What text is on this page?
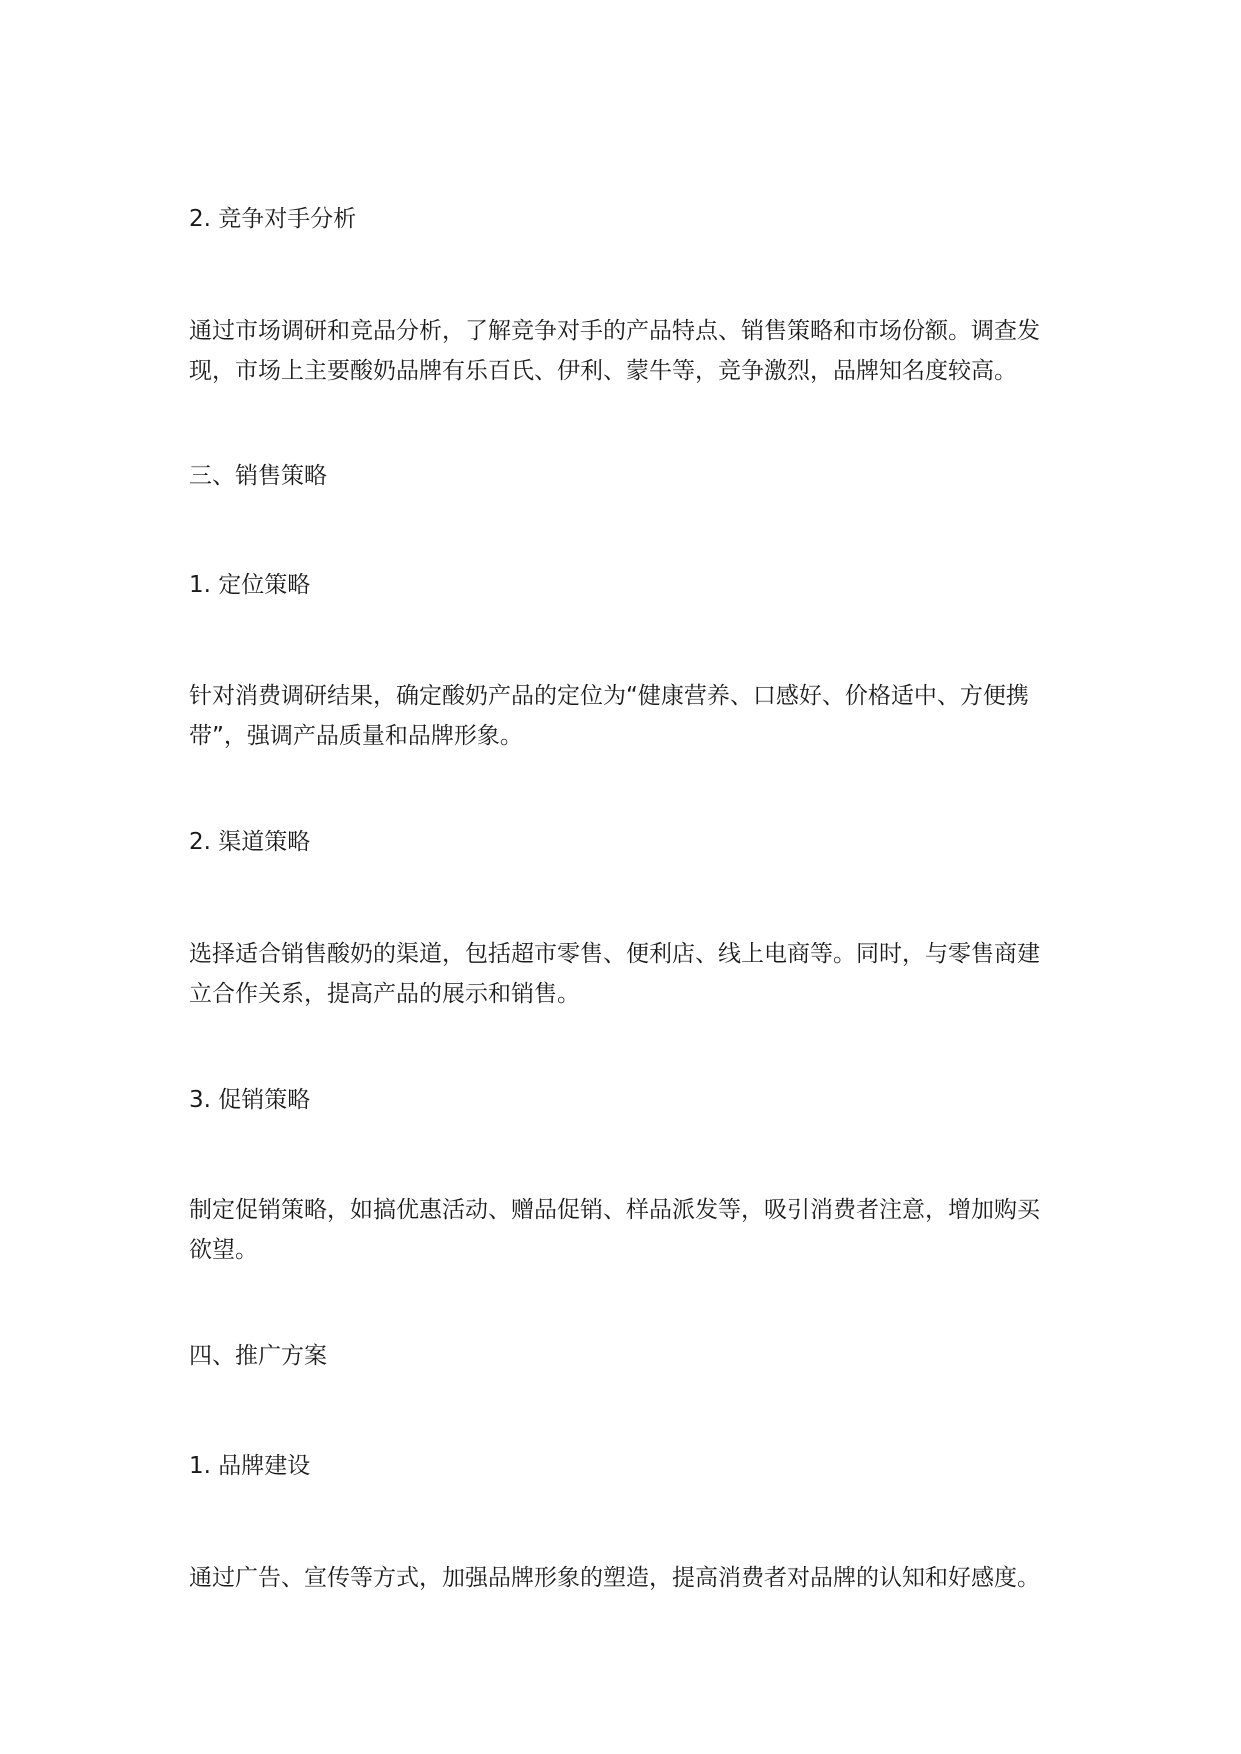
2. 竞争对手分析
通过市场调研和竞品分析，了解竞争对手的产品特点、销售策略和市场份额。调查发
现，市场上主要酸奶品牌有乐百氏、伊利、蒙牛等，竞争激烈，品牌知名度较高。
三、销售策略
1. 定位策略
针对消费调研结果，确定酸奶产品的定位为“健康营养、口感好、价格适中、方便携
带”，强调产品质量和品牌形象。
2. 渠道策略
选择适合销售酸奶的渠道，包括超市零售、便利店、线上电商等。同时，与零售商建
立合作关系，提高产品的展示和销售。
3. 促销策略
制定促销策略，如搞优惠活动、赠品促销、样品派发等，吸引消费者注意，增加购买
欲望。
四、推广方案
1. 品牌建设
通过广告、宣传等方式，加强品牌形象的塑造，提高消费者对品牌的认知和好感度。
